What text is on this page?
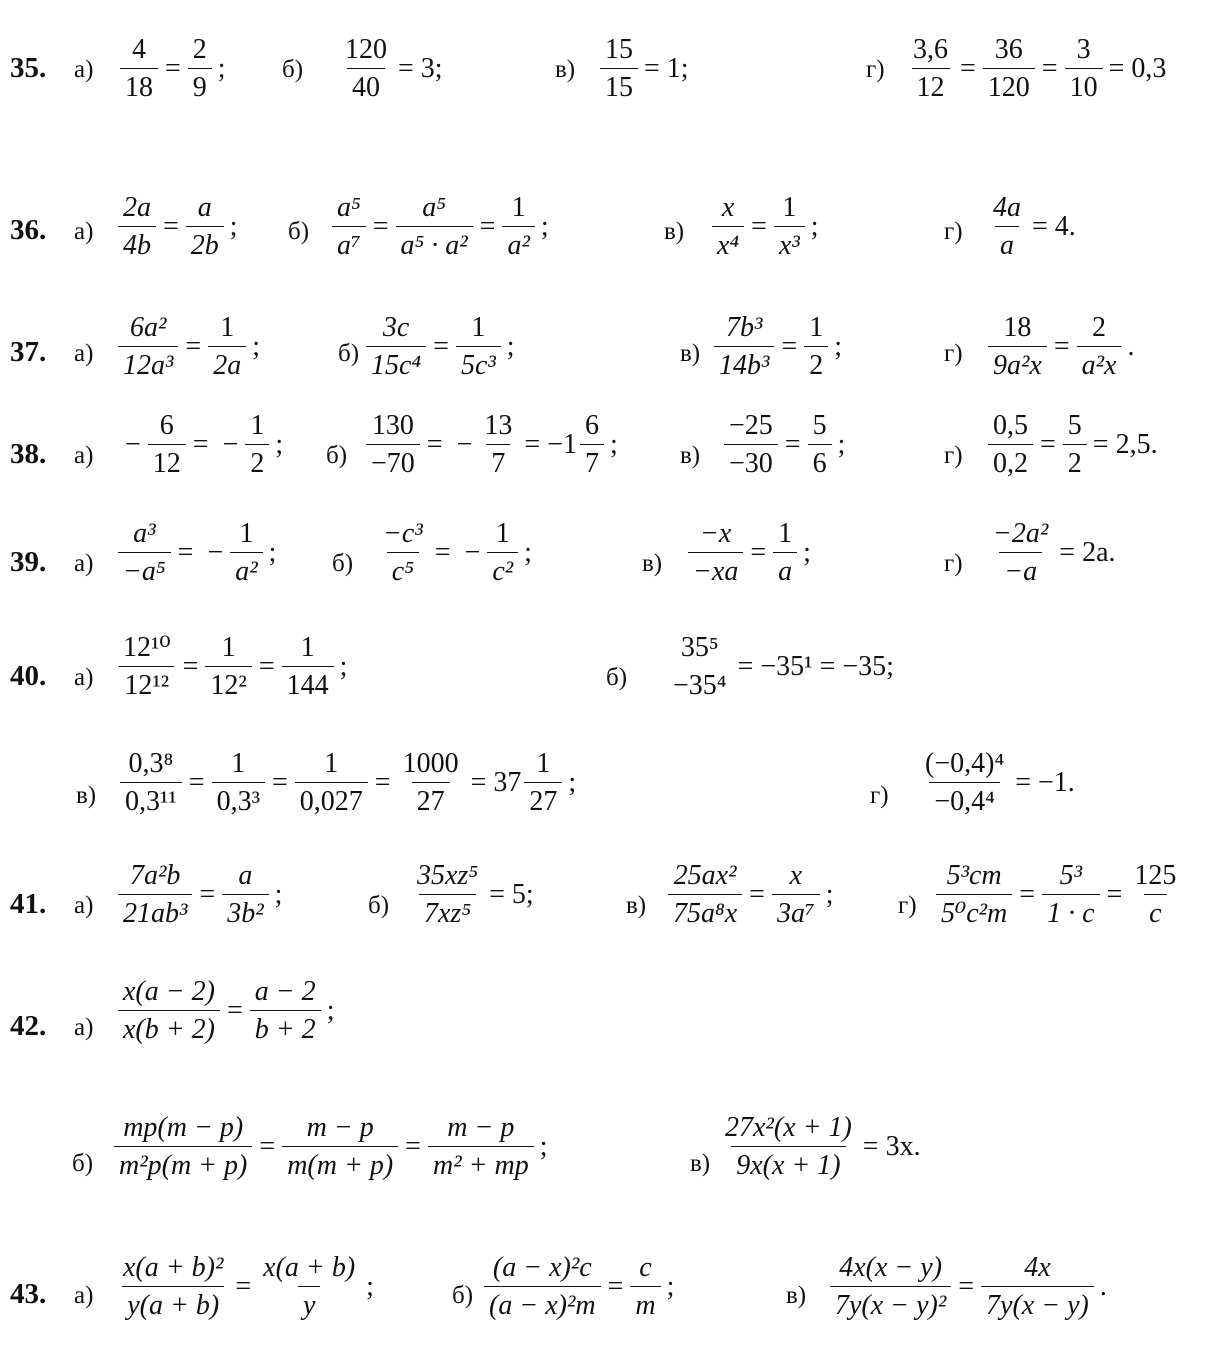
35. $а) \frac{4}{18} = \frac{2}{9}$ ; $б) \frac{120}{40} = 3$;	$в) \frac{15}{15} = 1$;	$г) \frac{3,6}{12} = \frac{36}{120} = \frac{3}{10} = 0,3$
36. $а) \frac{2a}{4b} = \frac{a}{2b}$ ; $б) \frac{\text{a⁵}}{\text{a⁷}} = \frac{\text{a⁵}}{\text{a⁵ · a²}} = \frac{1}{\text{a²}}$ ;	$в) \frac{x}{\text{x⁴}} = \frac{1}{\text{x³}}$ ;	$г) \frac{4a}{a} = 4$.
37. $а) \frac{\text{6a²}}{\text{12a³}} = \frac{1}{2a}$ ;	$б) \frac{3c}{\text{15c⁴}} = \frac{1}{\text{5c³}}$ ;	$в) \frac{\text{7b³}}{\text{14b³}} = \frac{1}{2}$ ;	$г) \frac{18}{\text{9a²x}} = \frac{2}{\text{a²x}}$ .
38. $а) - \frac{6}{12}$ = − $\frac{1}{2}$ ; $б) \frac{130}{-70}$ = − $\frac{13}{7} = -1 \frac{6}{7}$ ; $в) \frac{-25}{-30} = \frac{5}{6}$ ;	$г) \frac{0,5}{0,2} = \frac{5}{2} = 2,5$.
39. $а) \frac{\text{a³}}{\text{−a⁵}}$ = − $\frac{1}{\text{a²}}$ ; $б) \frac{\text{−c³}}{\text{c⁵}}$ = − $\frac{1}{\text{c²}}$ ;	$в) \frac{-x}{-xa} = \frac{1}{a}$ ;	$г) \frac{\text{−2a²}}{-a} = 2a$.
40. $а) \frac{\text{12¹⁰}}{\text{12¹²}} = \frac{1}{\text{12²}} = \frac{1}{144}$ ;	б)
35⁵
−35⁴
= −35¹ = −35;
$в) \frac{\text{0,3⁸}}{\text{0,3¹¹}} = \frac{1}{\text{0,3³}} = \frac{1}{0,027} = \frac{1000}{27} = 37 \frac{1}{27}$ ;	$г) \frac{\text{(−0,4)⁴}}{\text{−0,4⁴}} = -1$.
41. $а) \frac{\text{7a²b}}{\text{21ab³}} = \frac{a}{\text{3b²}}$ ;	$б) \frac{\text{35xz⁵}}{\text{7xz⁵}} = 5$;	$в) \frac{\text{25ax²}}{\text{75a⁸x}} = \frac{x}{\text{3a⁷}}$ ;	$г) \frac{\text{5³cm}}{\text{5⁰c²m}} = \frac{\text{5³}}{1 \cdot c} = \frac{125}{c}$
42. $а) \frac{x(a - 2)}{x(b + 2)} = \frac{a - 2}{b + 2}$ ;
$б) \frac{mp(m - p)}{\text{m²p(m + p)}} = \frac{m - p}{m(m + p)} = \frac{m - p}{\text{m² + mp}}$ ;
$в) \frac{\text{27x²(x + 1)}}{9x(x + 1)} = 3x$.
43. $а) \frac{\text{x(a + b)²}}{y(a + b)} = \frac{x(a + b)}{y}$ ;	$б) \frac{\text{(a − x)²c}}{\text{(a − x)²m}} = \frac{c}{m}$ ;	$в) \frac{4x(x - y)}{\text{7y(x − y)²}} = \frac{4x}{7y(x - y)}$ .
